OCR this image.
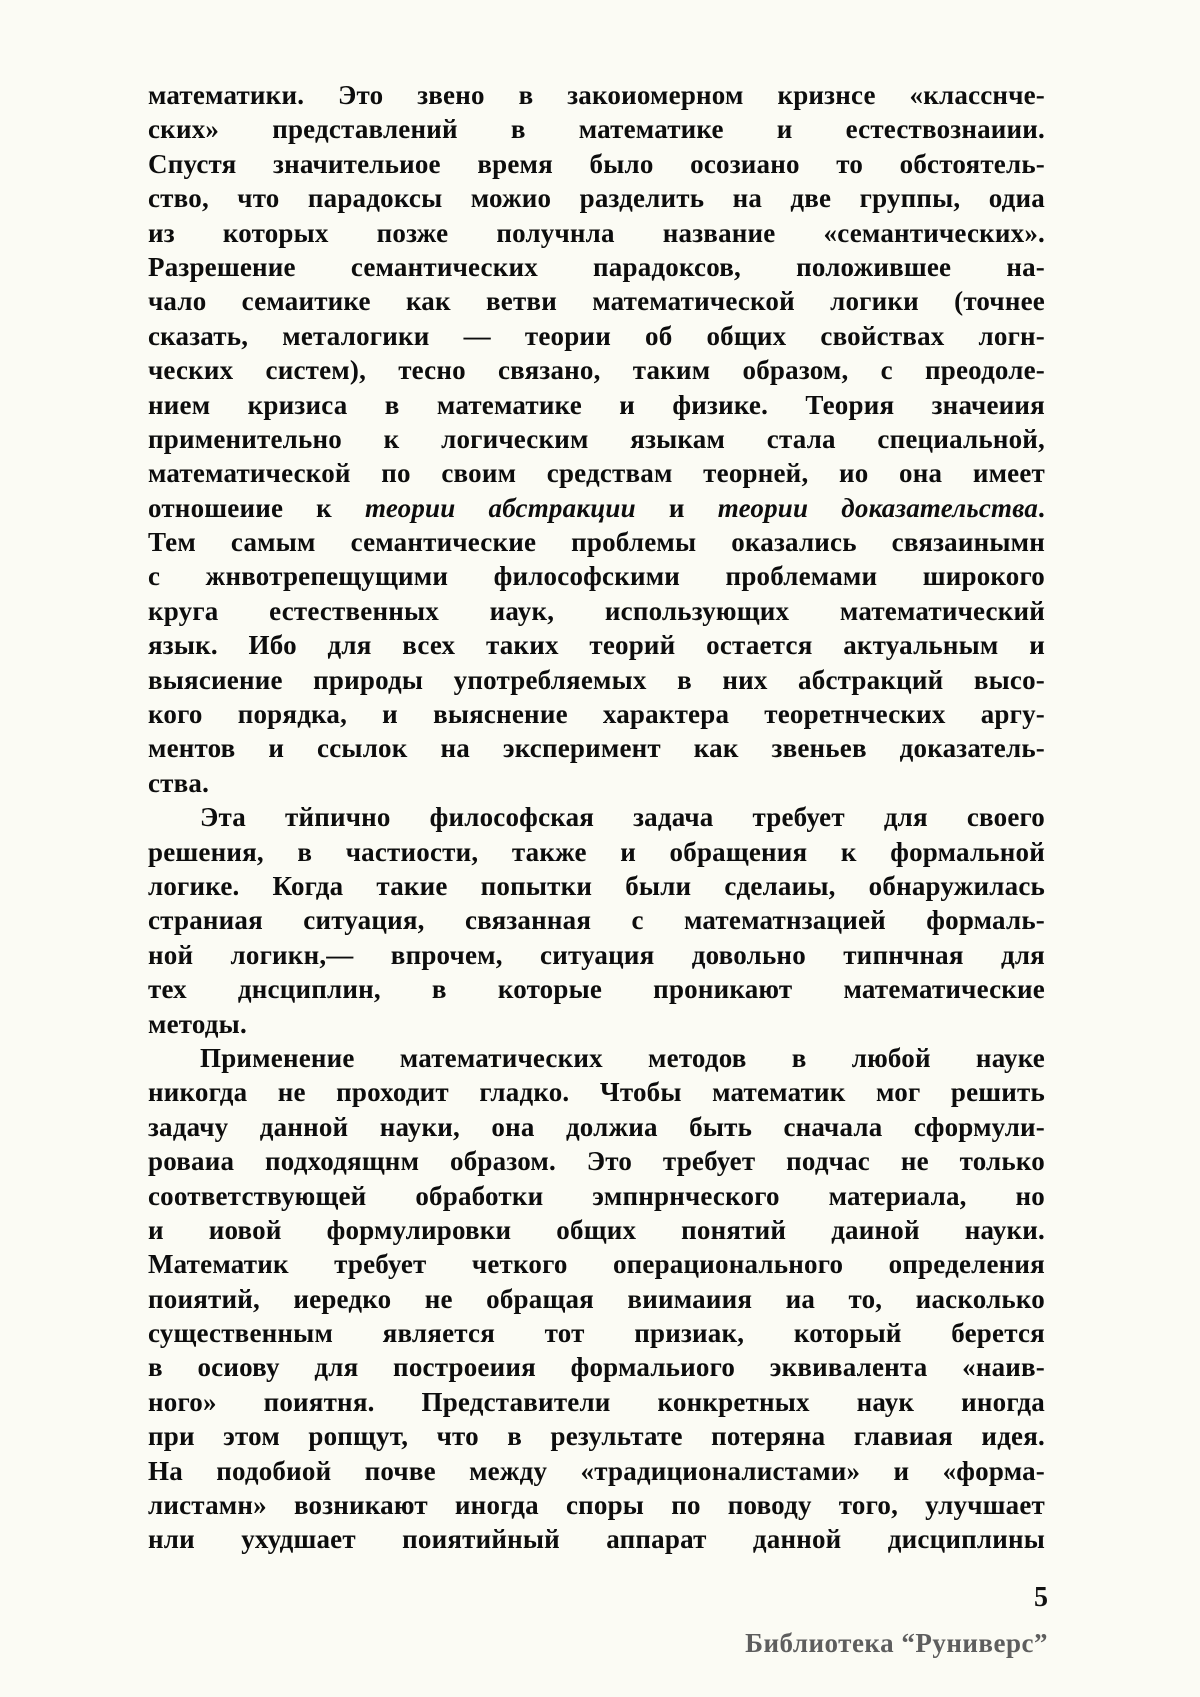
математики. Это звено в закоиомерном кризнсе «класснче-
ских» представлений в математике и естествознаиии.
Спустя значительиое время было осозиано то обстоятель-
ство, что парадоксы можио разделить на две группы, одиа
из которых позже получнла название «семантических».
Разрешение семантических парадоксов, положившее на-
чало семаитике как ветви математической логики (точнее
сказать, металогики — теории об общих свойствах логн-
ческих систем), тесно связано, таким образом, с преодоле-
нием кризиса в математике и физике. Теория значеиия
применительно к логическим языкам стала специальной,
математической по своим средствам теорней, ио она имеет
отношеиие к теории абстракции и теории доказательства.
Тем самым семантические проблемы оказались связаинымн
с жнвотрепещущими философскими проблемами широкого
круга естественных иаук, использующих математический
язык. Ибо для всех таких теорий остается актуальным и
выясиение природы употребляемых в них абстракций высо-
кого порядка, и выяснение характера теоретнческих аргу-
ментов и ссылок на эксперимент как звеньев доказатель-
ства.
Эта тйпично философская задача требует для своего
решения, в частиости, также и обращения к формальной
логике. Когда такие попытки были сделаиы, обнаружилась
страниая ситуация, связанная с математнзацией формаль-
ной логикн,— впрочем, ситуация довольно типнчная для
тех днсциплин, в которые проникают математические
методы.
Применение математических методов в любой науке
никогда не проходит гладко. Чтобы математик мог решить
задачу данной науки, она должиа быть сначала сформули-
роваиа подходящнм образом. Это требует подчас не только
соответствующей обработки эмпнрнческого материала, но
и иовой формулировки общих понятий даиной науки.
Математик требует четкого операционального определения
поиятий, иередко не обращая виимаиия иа то, иасколько
существенным является тот призиак, который берется
в осиову для построеиия формальиого эквивалента «наив-
ного» поиятня. Представители конкретных наук иногда
при этом ропщут, что в результате потеряна главиая идея.
На подобиой почве между «традиционалистами» и «форма-
листамн» возникают иногда споры по поводу того, улучшает
нли ухудшает поиятийный аппарат данной дисциплины
5
Библиотека “Руниверс”
